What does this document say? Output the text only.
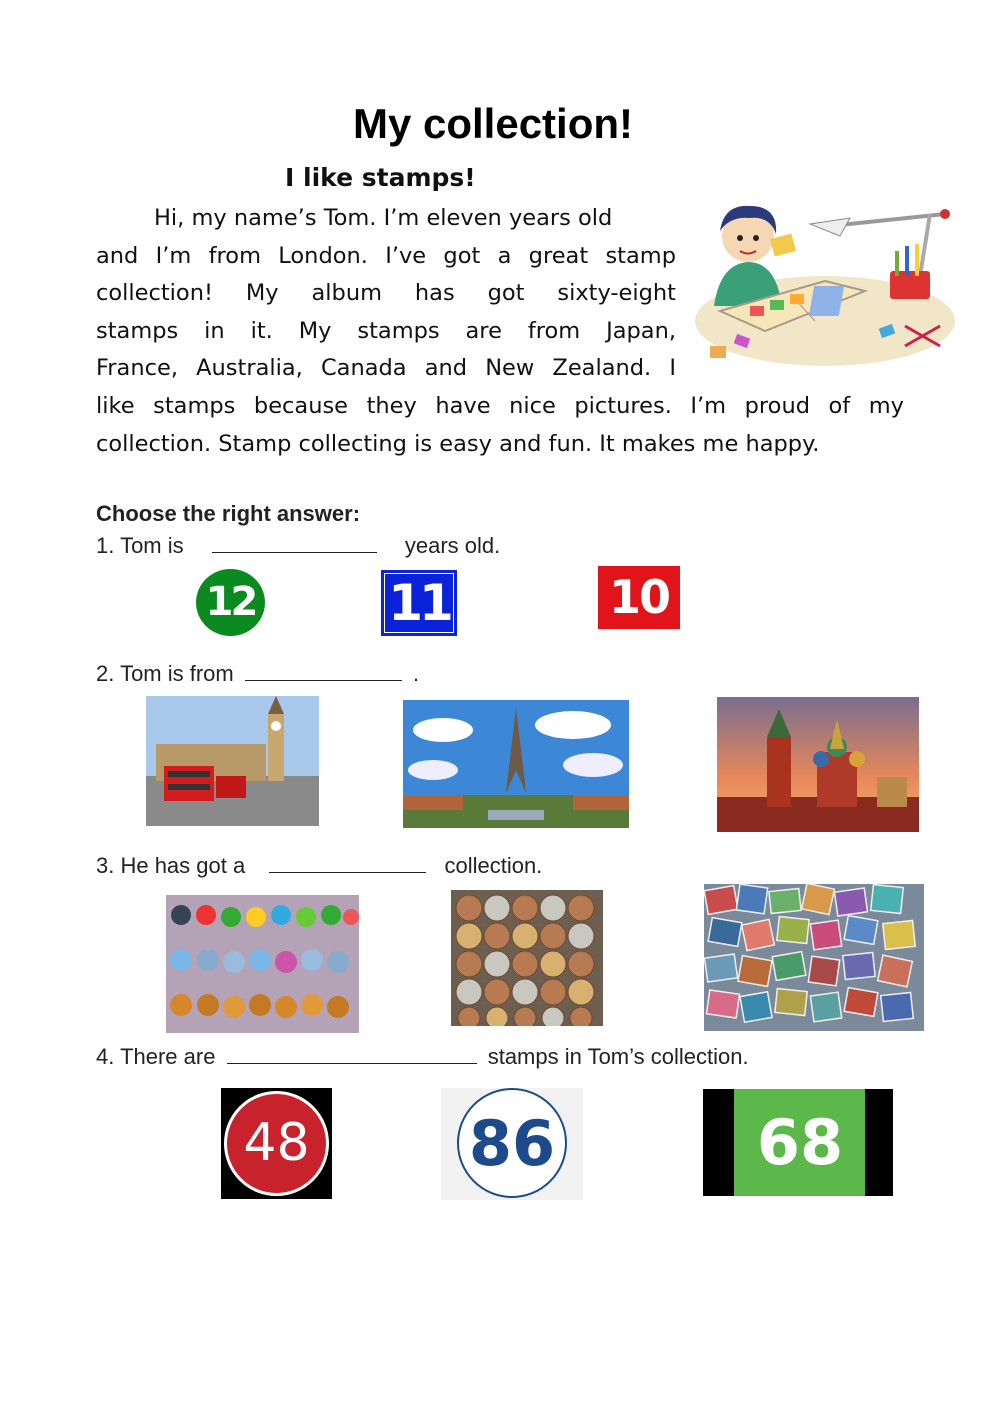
My collection!
I like stamps!
Hi, my name’s Tom. I’m eleven years old
and I’m from London. I’ve got a great stamp
collection!  My  album  has  got  sixty-eight
stamps  in  it.  My  stamps  are  from  Japan,
France, Australia, Canada and New Zealand. I
like stamps because they have nice pictures. I’m proud of my
collection. Stamp collecting is easy and fun. It makes me happy.
Choose the right answer:
1. Tom is	years old.
12	11	10
2. Tom is from	.
3. He has got a	collection.
4. There are	stamps in Tom’s collection.
48	86	68
